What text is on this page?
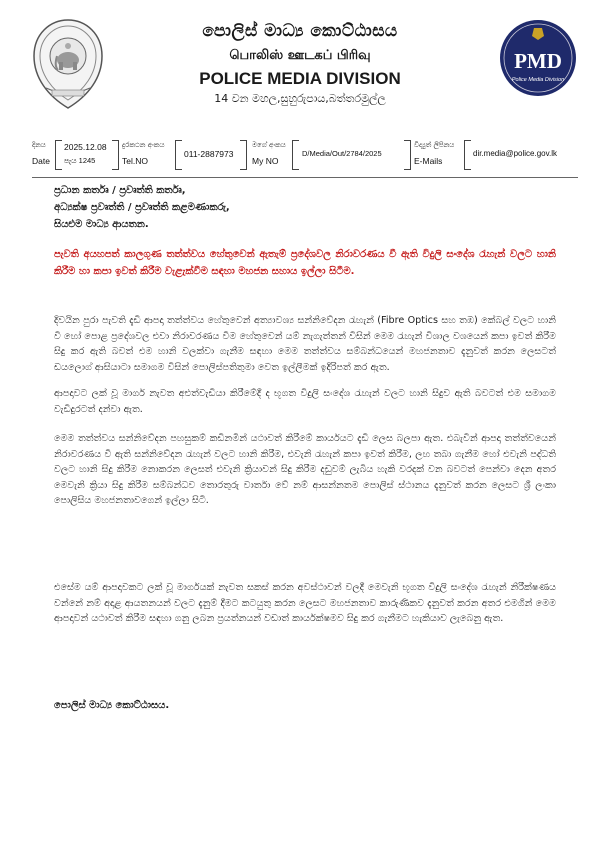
PMD
Police Media Division
පොලිස් මාධ්‍ය කොට්ඨාසය
பொலிஸ் ஊடகப் பிரிவு
POLICE MEDIA DIVISION
14 වන මහල,සුහුරුපාය,බත්තරමුල්ල
දිනය
Date
2025.12.08
පැය 1245
දුරකථන අංකය
Tel.NO
011-2887973
මගේ අංකය
My NO
D/Media/Out/2784/2025
විද්‍යුත් ලිපිනය
E-Mails
dir.media@police.gov.lk
ප්‍රධාන කර්තෘ / ප්‍රවෘත්ති කර්තෘ,
අධ්‍යක්ෂ ප්‍රවෘත්ති / ප්‍රවෘත්ති කළමණාකරු,
සියළුම මාධ්‍ය ආයතන.
පැවති අයහපත් කාලගුණ තත්ත්වය හේතුවෙන් ඇතැම් ප්‍රදේශවල නිරාවරණය වී ඇති විදුලි සංදේශ රැහැන් වලට හානි කිරීම හා කපා ඉවත් කිරීම වැළැක්වීම සඳහා මහජන සහාය ඉල්ලා සිටීම.
දිවයින පුරා පැවති දැඩි ආපදා තත්ත්වය හේතුවෙන් අත්‍යාවශ්‍ය සන්නිවේදන රැහැන් (Fibre Optics සහ තඹ) කේබල් වලට හානි වී හෝ පොළ ප්‍රදේශවල එවා නිරාවරණය වීම හේතුවෙන් යම් නැගැත්තන් විසින් මෙම රැහැන් විශාල වශයෙන් කපා ඉවත් කිරීම සිදු කර ඇති බවත් එම හානි වලක්වා ගැනීම සඳහා මෙම තත්ත්වය සම්බන්ධයෙන් මහජනතාව දැනුවත් කරන ලෙසටත් ඩයලොග් ආසියාටා සමාගම විසින් පොලිස්පතිතුමා වෙත ඉල්ලීමක් ඉදිරිපත් කර ඇත.
ආපදාවට ලක් වූ මාර්ග නැවත අළුත්වැඩියා කිරීමේදී ද භූගත විදුලි සංදේශ රැහැන් වලට හානි සිදුව ඇති බවටත් එම සමාගම වැඩිදුරටත් දන්වා ඇත.
මෙම තත්ත්වය සන්නිවේදන පහසුකම් කඩිනමින් යථාවත් කිරීමේ කාර්යයට දැඩි ලෙස බලපා ඇත. එබැවින් ආපදා තත්ත්වයෙන් නිරාවරණය වී ඇති සන්නිවේදන රැහැන් වලට හානි කිරීම, එවැනි රැහැන් කපා ඉවත් කිරීම, ලහ තබා ගැනීම හෝ එවැනි පද්ධති වලට හානි සිදු කිරීම නොකරන ලෙසත් එවැනි ක්‍රියාවන් සිදු කිරීම දඩුවම් ලැබිය හැකි වරදක් වන බවටත් පෙන්වා දෙන අතර මෙවැනි ක්‍රියා සිදු කිරීම සම්බන්ධව තොරතුරු වාර්තා වේ නම් ආසන්නතම පොලිස් ස්ථානය දැනුවත් කරන ලෙසට ශ්‍රී ලංකා පොලිසිය මහජනතාවගෙන් ඉල්ලා සිටී.
එසේම යම් ආපදාවකට ලක් වූ මාර්ගයක් නැවත සකස් කරන අවස්ථාවන් වලදී මෙවැනි භූගත විදුලි සංදේශ රැහැන් නිරීක්ෂණය වන්නේ නම් අදාළ ආයතනයන් වලට දැනුම් දීමට කටයුතු කරන ලෙසට මහජනතාව කාරුණිකව දැනුවත් කරන අතර එමගින් මෙම ආපදාවන් යථාවත් කිරීම සඳහා ගනු ලබන ප්‍රයත්නයන් වඩාත් කාර්යක්ෂමව සිදු කර ගැනීමට හැකියාව ලැබෙනු ඇත.
පොලිස් මාධ්‍ය කොට්ඨාසය.
